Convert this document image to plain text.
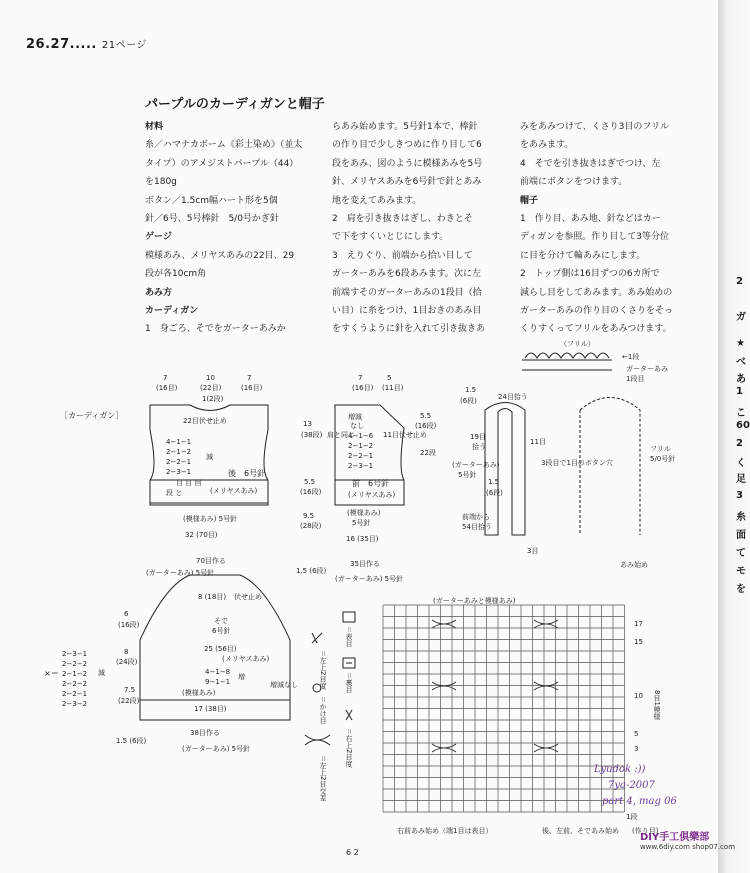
2
ガ
★
べ
あ
1
こ
60
2
く
足
3
糸
面
て
モ
を
26.27..... 21ページ
パープルのカーディガンと帽子

材料

糸／ハマナカボーム《彩土染め》（並太
タイプ）のアメジストパープル（44）
を180g
ボタン／1.5cm幅ハート形を5個
針／6号、5号棒針　5/0号かぎ針

ゲージ

模様あみ、メリヤスあみの22目、29
段が各10cm角

あみ方

カーディガン

1　身ごろ、そでをガーターあみか

らあみ始めます。5号針1本で、棒針
の作り目で少しきつめに作り目して6
段をあみ、図のように模様あみを5号
針、メリヤスあみを6号針で針とあみ
地を変えてあみます。
2　肩を引き抜きはぎし、わきとそ
で下をすくいとじにします。
3　えりぐり、前端から拾い目して
ガーターあみを6段あみます。次に左
前端すそのガーターあみの1段目（拾
い目）に糸をつけ、1目おきのあみ目
をすくうように針を入れて引き抜きあ

みをあみつけて、くさり3目のフリル
をあみます。
4　そでを引き抜きはぎでつけ、左
前端にボタンをつけます。

帽子

1　作り目、あみ地、針などはカー
ディガンを参照。作り目して3等分位
に目を分けて輪あみにします。
2　トップ側は16目ずつの6カ所で
減らし目をしてあみます。あみ始めの
ガーターあみの作り目のくさりをそっ
くりすくってフリルをあみつけます。

［カーディガン］
（フリル）
←1段
ガーターあみ
1段目
7
(16目)
10
(22目)
7
(16目)
1(2段)
22目伏せ止め
4−1−1
2−1−2
2−2−1
2−3−1
目 目 回
段 と
減
後　6号針
(メリヤスあみ)
(模様あみ) 5号針
32 (70目)
70目作る
(ガーターあみ) 5号針
7
(16目)
5
(11目)
増減
なし
4−1−6
2−1−2
2−2−1
2−3−1
11目伏せ止め
前　6号針
(メリヤスあみ)
(模様あみ)
5号針
16 (35目)
35目作る
(ガーターあみ) 5号針
13
(38段) 肩と同じ
5.5
(16段)
5.5
(16段)
9.5
(28段)
1.5 (6段)
22段
24目拾う
1.5
(6段)
19目
拾う
11目
3段目で1目のボタン穴
(ガーターあみ)
5号針
1.5
(6段)
前端から
54目拾う
3目
フリル
5/0号針
あみ始め
8 (18目) 伏せ止め
そで
6号針
25 (56目)
(メリヤスあみ)
4−1−8
9−1−1
増
(模様あみ)
17 (38目)
38目作る
(ガーターあみ) 5号針
6
(16段)
8
(24段)
7.5
(22段)
1.5 (6段)
増減なし
2−3−1
2−2−2
2−1−2
2−2−2
2−2−1
2−3−2
×＝	減	＝左上2目度
＝かけ目
＝左上2目交差
＝表目
＝裏目
＝右上2目度
(ガーターあみと模様あみ)
17
15
10
5
3
1段
8目1模様
右前あみ始め（端1目は表目）	後、左前、そであみ始め (作り目)
6 2
Lyudok :))
7ya-2007
part 4, mag 06
DIY手工俱樂部
www.6diy.com shop07.com
